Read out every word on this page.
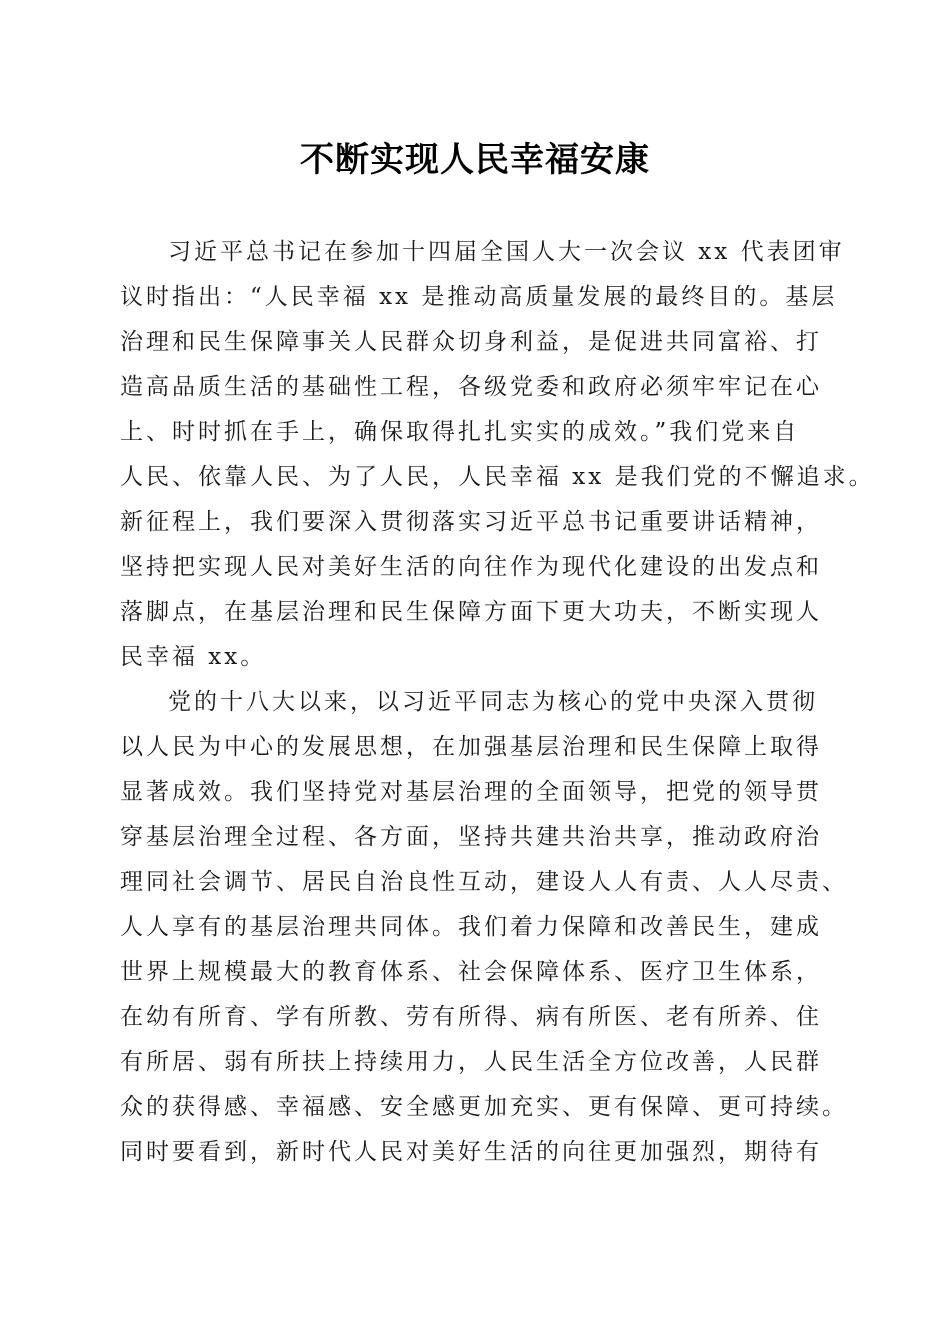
不断实现人民幸福安康
习近平总书记在参加十四届全国人大一次会议 xx 代表团审
议时指出：“人民幸福 xx 是推动高质量发展的最终目的。基层
治理和民生保障事关人民群众切身利益，是促进共同富裕、打
造高品质生活的基础性工程，各级党委和政府必须牢牢记在心
上、时时抓在手上，确保取得扎扎实实的成效。”我们党来自
人民、依靠人民、为了人民，人民幸福 xx 是我们党的不懈追求。
新征程上，我们要深入贯彻落实习近平总书记重要讲话精神，
坚持把实现人民对美好生活的向往作为现代化建设的出发点和
落脚点，在基层治理和民生保障方面下更大功夫，不断实现人
民幸福 xx。
党的十八大以来，以习近平同志为核心的党中央深入贯彻
以人民为中心的发展思想，在加强基层治理和民生保障上取得
显著成效。我们坚持党对基层治理的全面领导，把党的领导贯
穿基层治理全过程、各方面，坚持共建共治共享，推动政府治
理同社会调节、居民自治良性互动，建设人人有责、人人尽责、
人人享有的基层治理共同体。我们着力保障和改善民生，建成
世界上规模最大的教育体系、社会保障体系、医疗卫生体系，
在幼有所育、学有所教、劳有所得、病有所医、老有所养、住
有所居、弱有所扶上持续用力，人民生活全方位改善，人民群
众的获得感、幸福感、安全感更加充实、更有保障、更可持续。
同时要看到，新时代人民对美好生活的向往更加强烈，期待有
